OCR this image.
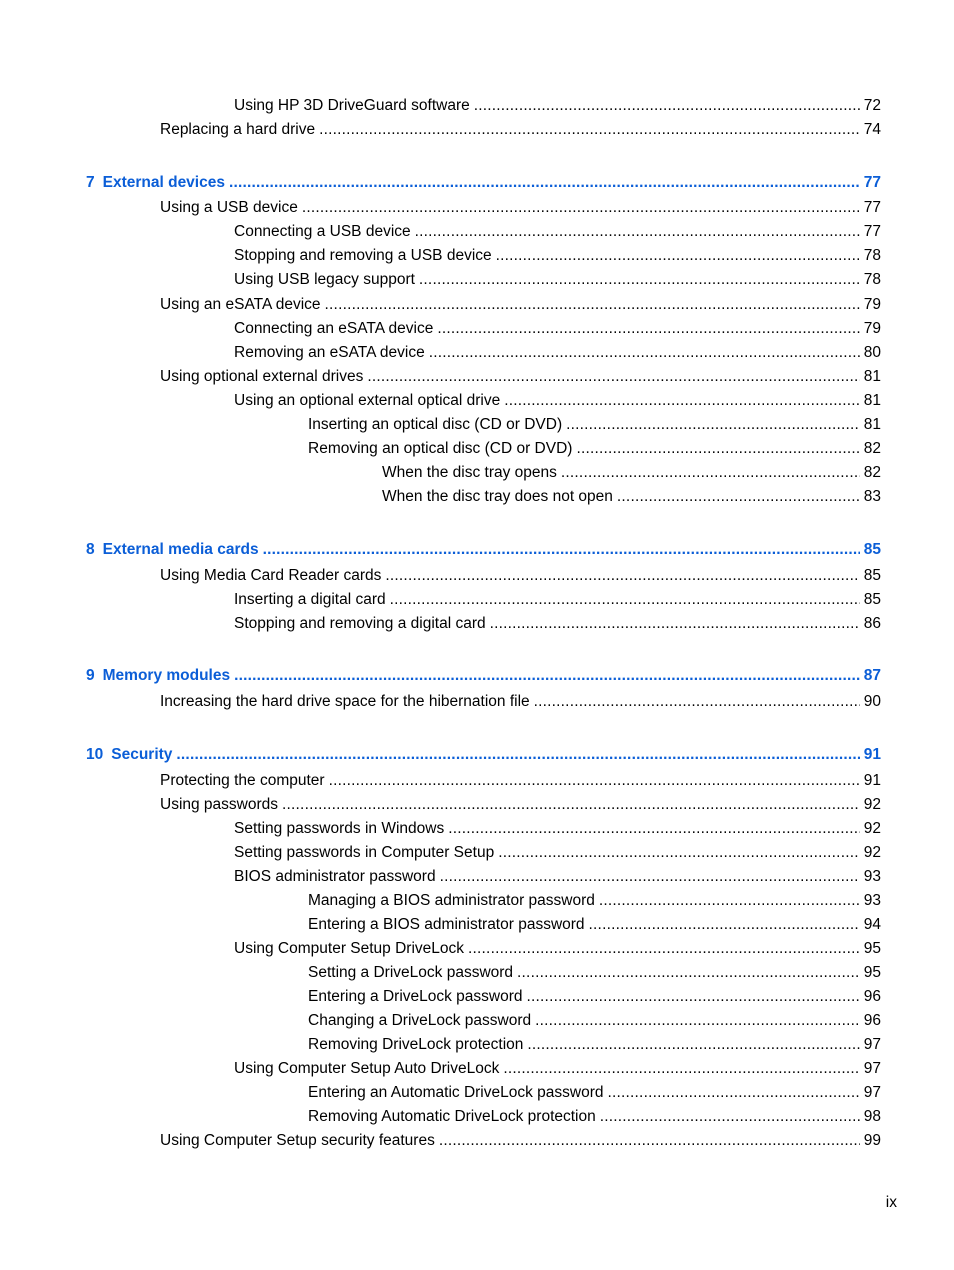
Using HP 3D DriveGuard software .....	72
Replacing a hard drive .....	74
7 External devices .....	77
Using a USB device .....	77
Connecting a USB device .....	77
Stopping and removing a USB device .....	78
Using USB legacy support .....	78
Using an eSATA device .....	79
Connecting an eSATA device .....	79
Removing an eSATA device .....	80
Using optional external drives .....	81
Using an optional external optical drive .....	81
Inserting an optical disc (CD or DVD) .....	81
Removing an optical disc (CD or DVD) .....	82
When the disc tray opens .....	82
When the disc tray does not open .....	83
8 External media cards .....	85
Using Media Card Reader cards .....	85
Inserting a digital card .....	85
Stopping and removing a digital card .....	86
9 Memory modules .....	87
Increasing the hard drive space for the hibernation file .....	90
10 Security .....	91
Protecting the computer .....	91
Using passwords .....	92
Setting passwords in Windows .....	92
Setting passwords in Computer Setup .....	92
BIOS administrator password .....	93
Managing a BIOS administrator password .....	93
Entering a BIOS administrator password .....	94
Using Computer Setup DriveLock .....	95
Setting a DriveLock password .....	95
Entering a DriveLock password .....	96
Changing a DriveLock password .....	96
Removing DriveLock protection .....	97
Using Computer Setup Auto DriveLock .....	97
Entering an Automatic DriveLock password .....	97
Removing Automatic DriveLock protection .....	98
Using Computer Setup security features .....	99
ix
